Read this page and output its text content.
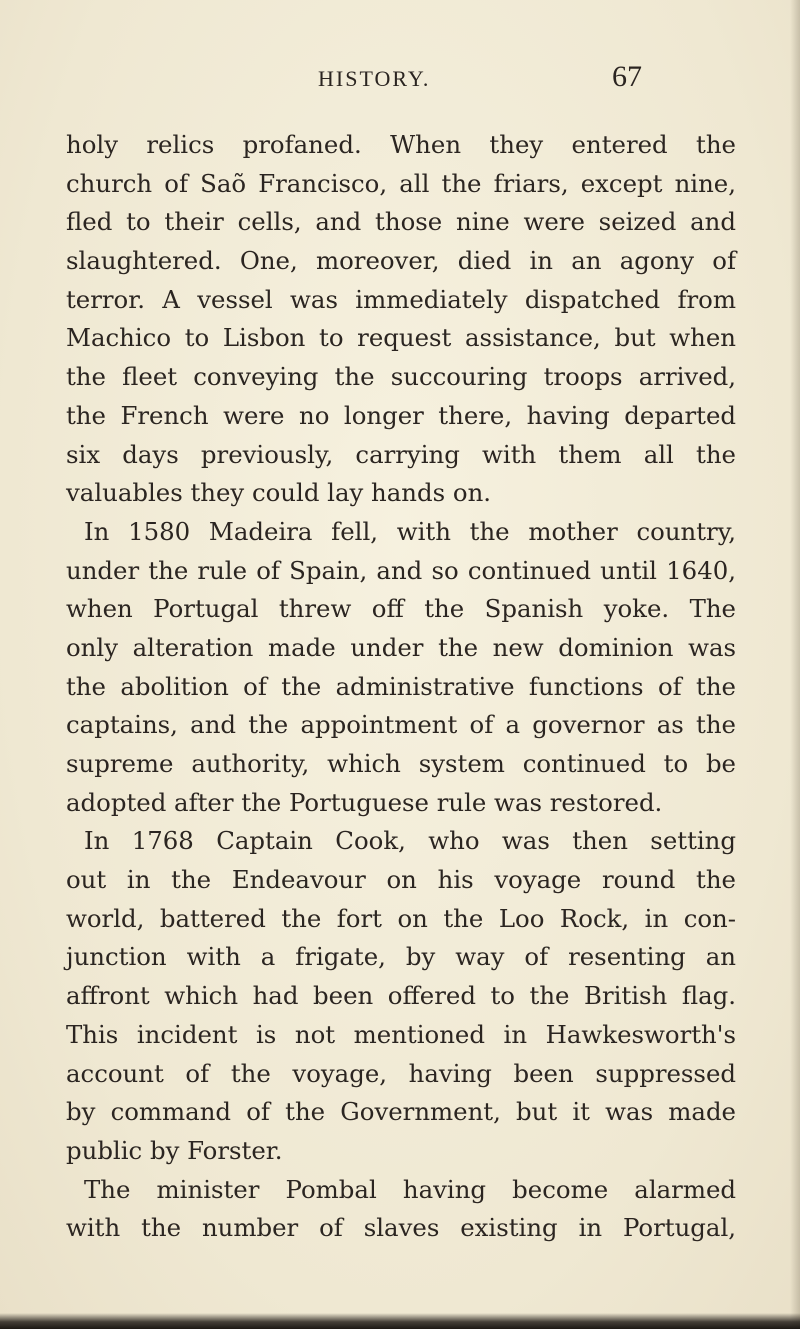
HISTORY.	67
holy relics profaned. When they entered the
church of Saõ Francisco, all the friars, except nine,
fled to their cells, and those nine were seized and
slaughtered. One, moreover, died in an agony of
terror. A vessel was immediately dispatched from
Machico to Lisbon to request assistance, but when
the fleet conveying the succouring troops arrived,
the French were no longer there, having departed
six days previously, carrying with them all the
valuables they could lay hands on.
In 1580 Madeira fell, with the mother country,
under the rule of Spain, and so continued until 1640,
when Portugal threw off the Spanish yoke. The
only alteration made under the new dominion was
the abolition of the administrative functions of the
captains, and the appointment of a governor as the
supreme authority, which system continued to be
adopted after the Portuguese rule was restored.
In 1768 Captain Cook, who was then setting
out in the Endeavour on his voyage round the
world, battered the fort on the Loo Rock, in con-
junction with a frigate, by way of resenting an
affront which had been offered to the British flag.
This incident is not mentioned in Hawkesworth's
account of the voyage, having been suppressed
by command of the Government, but it was made
public by Forster.
The minister Pombal having become alarmed
with the number of slaves existing in Portugal,
